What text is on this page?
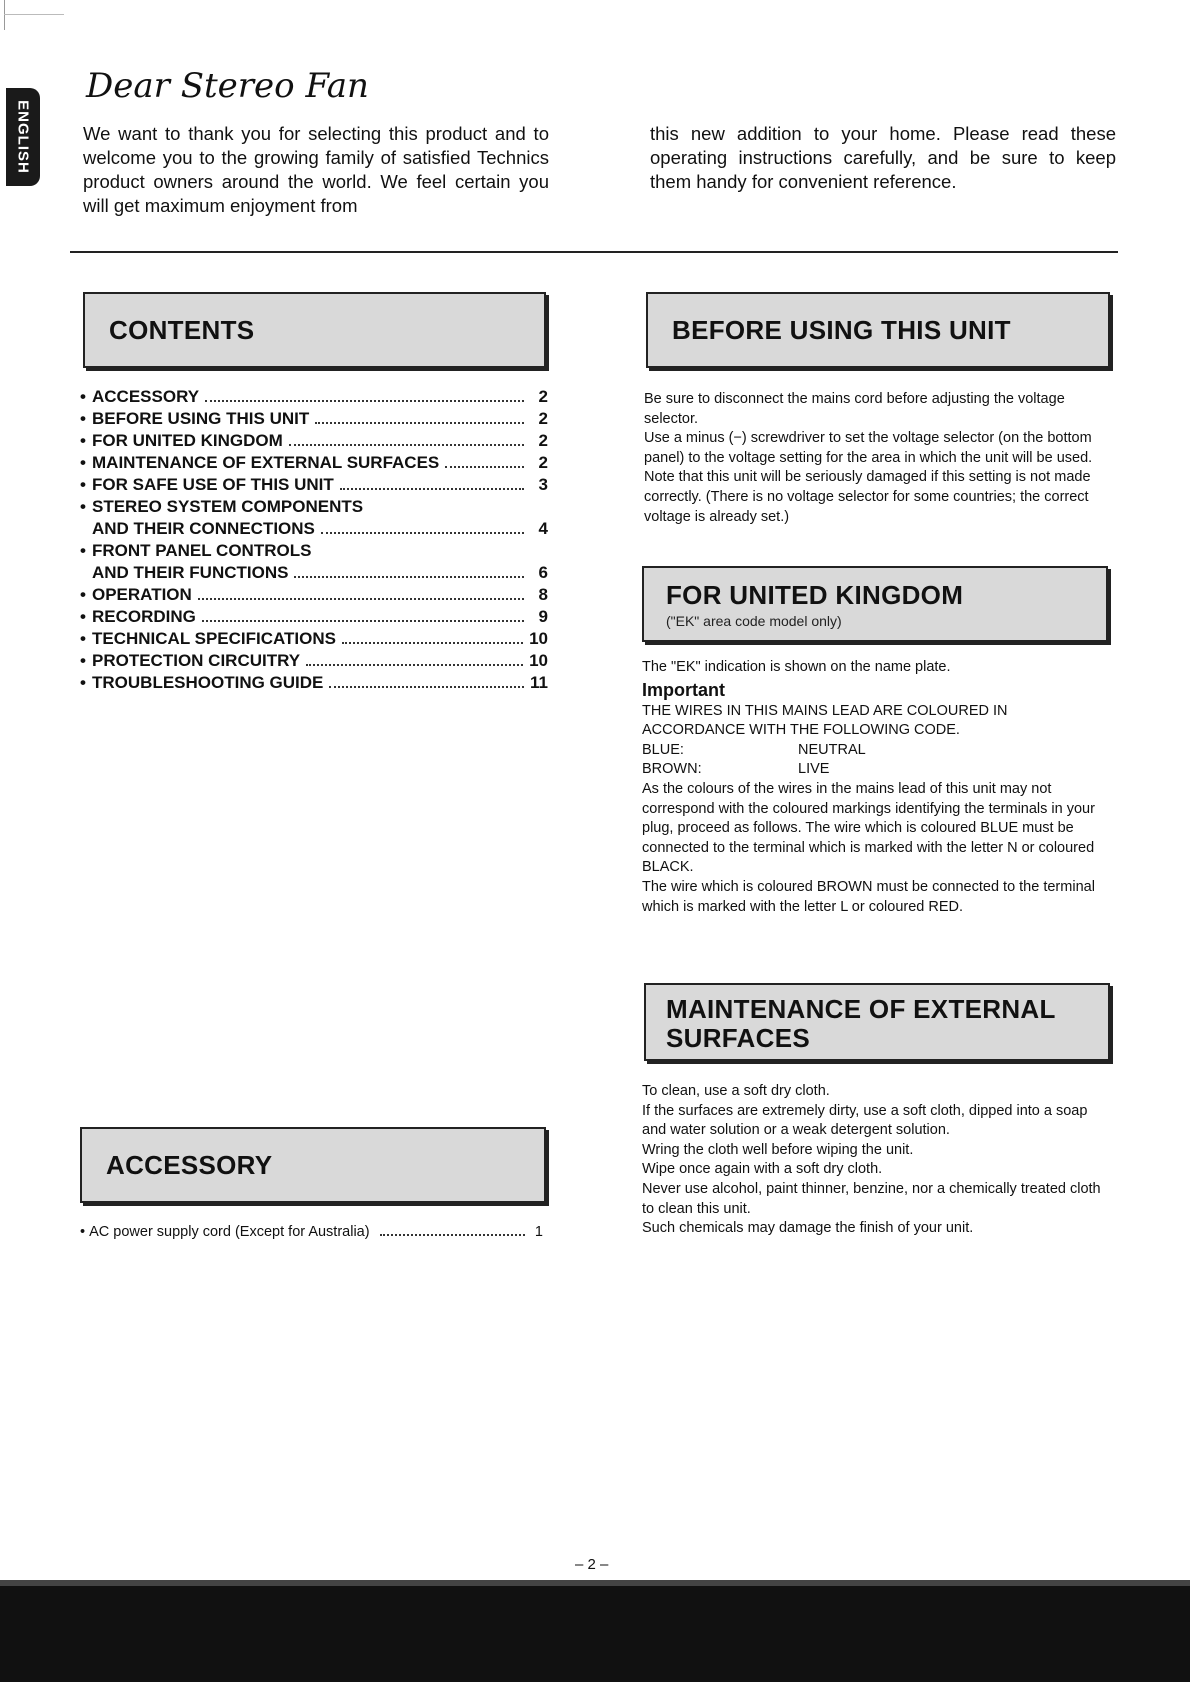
ENGLISH
Dear Stereo Fan
We want to thank you for selecting this product and to welcome you to the growing family of satisfied Technics product owners around the world. We feel certain you will get maximum enjoyment from
this new addition to your home. Please read these operating instructions carefully, and be sure to keep them handy for convenient reference.
CONTENTS
• ACCESSORY	2
• BEFORE USING THIS UNIT	2
• FOR UNITED KINGDOM	2
• MAINTENANCE OF EXTERNAL SURFACES	2
• FOR SAFE USE OF THIS UNIT	3
• STEREO SYSTEM COMPONENTS
AND THEIR CONNECTIONS	4
• FRONT PANEL CONTROLS
AND THEIR FUNCTIONS	6
• OPERATION	8
• RECORDING	9
• TECHNICAL SPECIFICATIONS	10
• PROTECTION CIRCUITRY	10
• TROUBLESHOOTING GUIDE	11
ACCESSORY
• AC power supply cord (Except for Australia)	1
BEFORE USING THIS UNIT

Be sure to disconnect the mains cord before adjusting the voltage selector.

Use a minus (−) screwdriver to set the voltage selector (on the bottom panel) to the voltage setting for the area in which the unit will be used.

Note that this unit will be seriously damaged if this setting is not made correctly. (There is no voltage selector for some countries; the correct voltage is already set.)

FOR UNITED KINGDOM
("EK" area code model only)

The "EK" indication is shown on the name plate.

Important

THE WIRES IN THIS MAINS LEAD ARE COLOURED IN ACCORDANCE WITH THE FOLLOWING CODE.

BLUE:	NEUTRAL
BROWN:	LIVE

As the colours of the wires in the mains lead of this unit may not correspond with the coloured markings identifying the terminals in your plug, proceed as follows. The wire which is coloured BLUE must be connected to the terminal which is marked with the letter N or coloured BLACK.

The wire which is coloured BROWN must be connected to the terminal which is marked with the letter L or coloured RED.

MAINTENANCE OF EXTERNAL
SURFACES

To clean, use a soft dry cloth.

If the surfaces are extremely dirty, use a soft cloth, dipped into a soap and water solution or a weak detergent solution.

Wring the cloth well before wiping the unit.

Wipe once again with a soft dry cloth.

Never use alcohol, paint thinner, benzine, nor a chemically treated cloth to clean this unit.

Such chemicals may damage the finish of your unit.

– 2 –
